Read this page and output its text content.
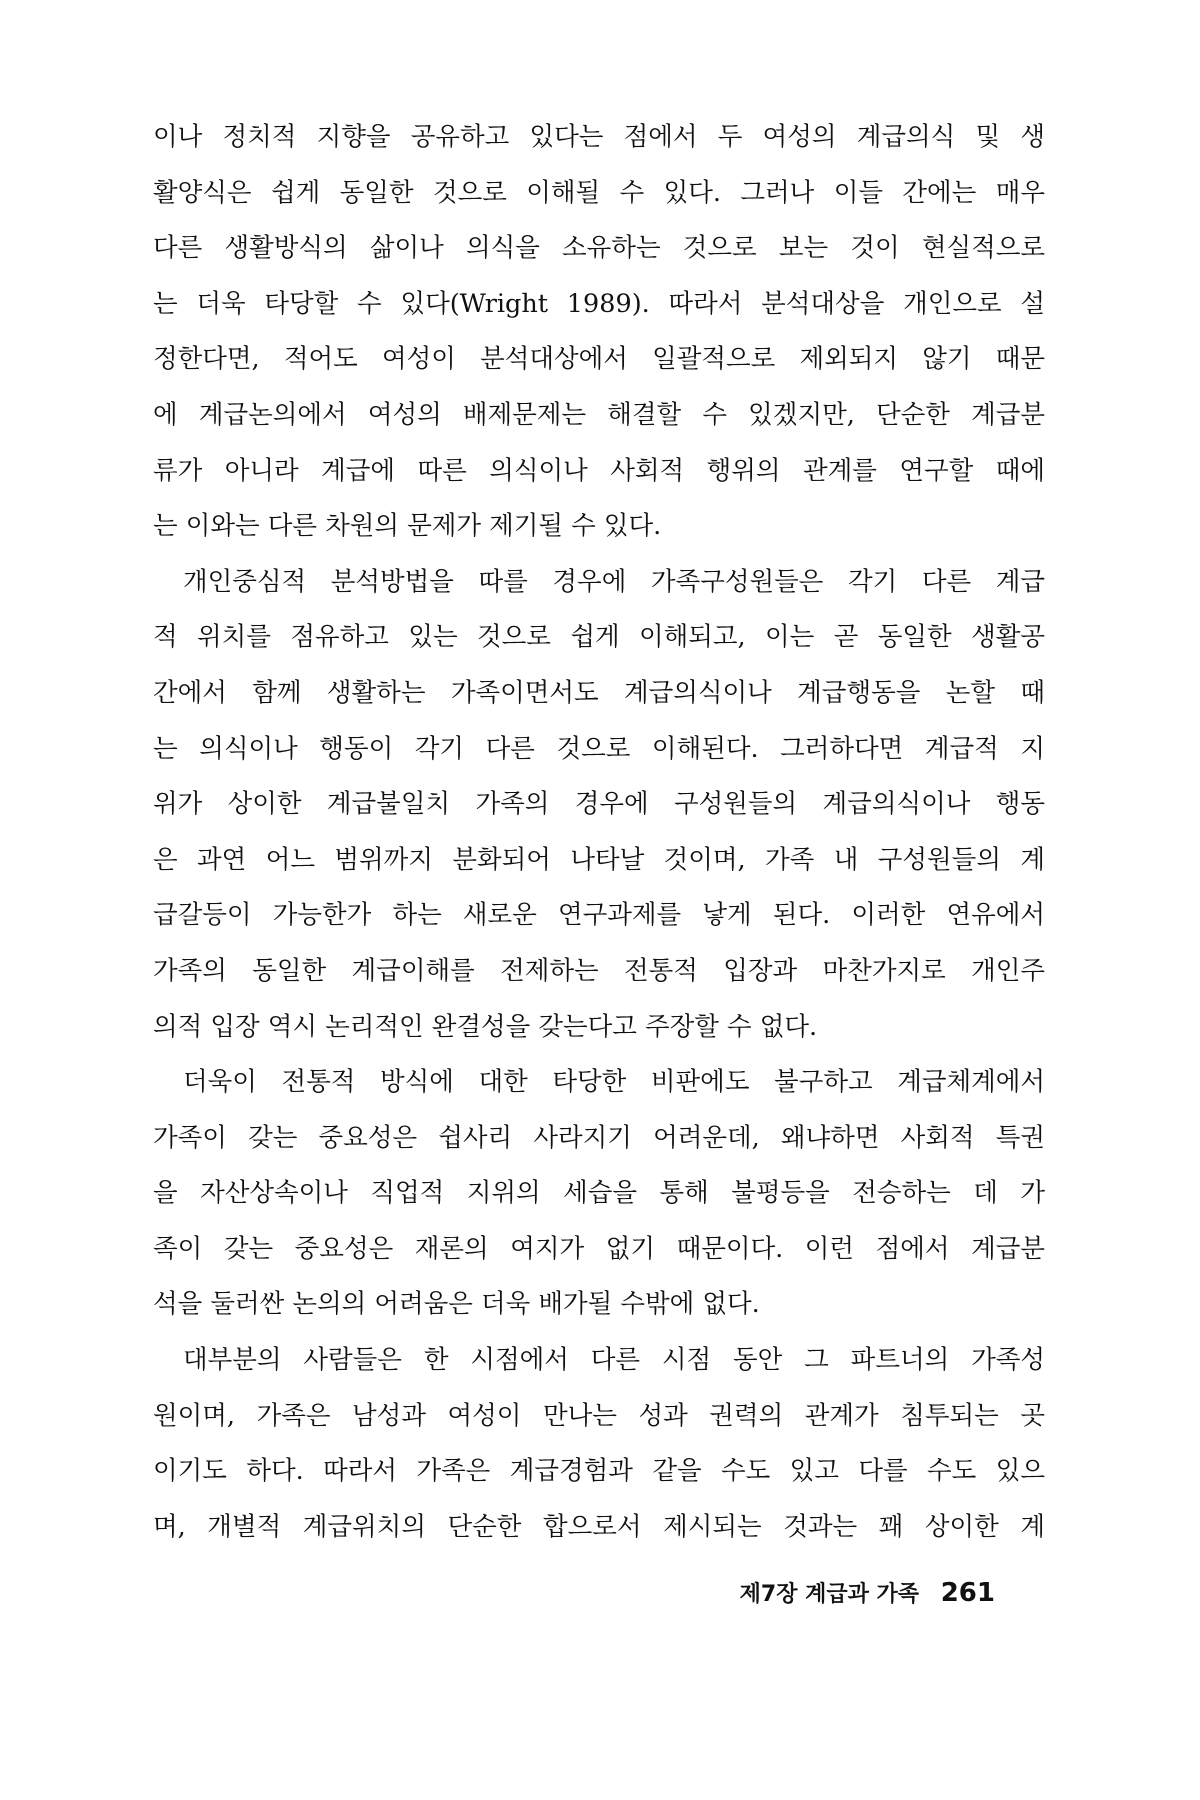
이나 정치적 지향을 공유하고 있다는 점에서 두 여성의 계급의식 및 생
활양식은 쉽게 동일한 것으로 이해될 수 있다. 그러나 이들 간에는 매우
다른 생활방식의 삶이나 의식을 소유하는 것으로 보는 것이 현실적으로
는 더욱 타당할 수 있다(Wright 1989). 따라서 분석대상을 개인으로 설
정한다면, 적어도 여성이 분석대상에서 일괄적으로 제외되지 않기 때문
에 계급논의에서 여성의 배제문제는 해결할 수 있겠지만, 단순한 계급분
류가 아니라 계급에 따른 의식이나 사회적 행위의 관계를 연구할 때에
는 이와는 다른 차원의 문제가 제기될 수 있다.
개인중심적 분석방법을 따를 경우에 가족구성원들은 각기 다른 계급
적 위치를 점유하고 있는 것으로 쉽게 이해되고, 이는 곧 동일한 생활공
간에서 함께 생활하는 가족이면서도 계급의식이나 계급행동을 논할 때
는 의식이나 행동이 각기 다른 것으로 이해된다. 그러하다면 계급적 지
위가 상이한 계급불일치 가족의 경우에 구성원들의 계급의식이나 행동
은 과연 어느 범위까지 분화되어 나타날 것이며, 가족 내 구성원들의 계
급갈등이 가능한가 하는 새로운 연구과제를 낳게 된다. 이러한 연유에서
가족의 동일한 계급이해를 전제하는 전통적 입장과 마찬가지로 개인주
의적 입장 역시 논리적인 완결성을 갖는다고 주장할 수 없다.
더욱이 전통적 방식에 대한 타당한 비판에도 불구하고 계급체계에서
가족이 갖는 중요성은 쉽사리 사라지기 어려운데, 왜냐하면 사회적 특권
을 자산상속이나 직업적 지위의 세습을 통해 불평등을 전승하는 데 가
족이 갖는 중요성은 재론의 여지가 없기 때문이다. 이런 점에서 계급분
석을 둘러싼 논의의 어려움은 더욱 배가될 수밖에 없다.
대부분의 사람들은 한 시점에서 다른 시점 동안 그 파트너의 가족성
원이며, 가족은 남성과 여성이 만나는 성과 권력의 관계가 침투되는 곳
이기도 하다. 따라서 가족은 계급경험과 같을 수도 있고 다를 수도 있으
며, 개별적 계급위치의 단순한 합으로서 제시되는 것과는 꽤 상이한 계
제7장 계급과 가족 261
